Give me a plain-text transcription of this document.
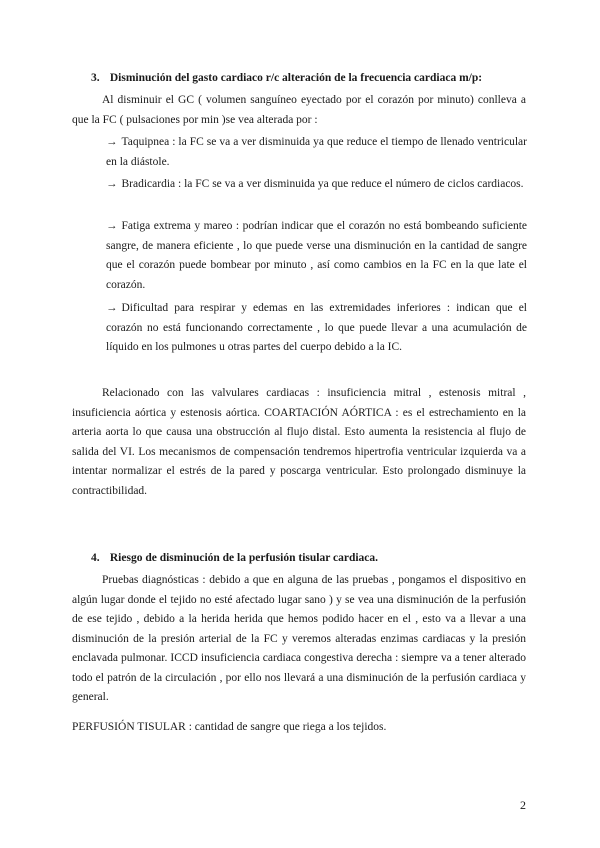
3. Disminución del gasto cardiaco r/c alteración de la frecuencia cardiaca m/p:
Al disminuir el GC ( volumen sanguíneo eyectado por el corazón por minuto) conlleva a que la FC ( pulsaciones por min )se vea alterada por :
→ Taquipnea : la FC se va a ver disminuida ya que reduce el tiempo de llenado ventricular en la diástole.
→ Bradicardia : la FC se va a ver disminuida ya que reduce el número de ciclos cardiacos.
→ Fatiga extrema y mareo : podrían indicar que el corazón no está bombeando suficiente sangre, de manera eficiente , lo que puede verse una disminución en la cantidad de sangre que el corazón puede bombear por minuto , así como cambios en la FC en la que late el corazón.
→ Dificultad para respirar y edemas en las extremidades inferiores : indican que el corazón no está funcionando correctamente , lo que puede llevar a una acumulación de líquido en los pulmones u otras partes del cuerpo debido a la IC.
Relacionado con las valvulares cardiacas : insuficiencia mitral , estenosis mitral , insuficiencia aórtica y estenosis aórtica. COARTACIÓN AÓRTICA : es el estrechamiento en la arteria aorta lo que causa una obstrucción al flujo distal. Esto aumenta la resistencia al flujo de salida del VI. Los mecanismos de compensación tendremos hipertrofia ventricular izquierda va a intentar normalizar el estrés de la pared y poscarga ventricular. Esto prolongado disminuye la contractibilidad.
4. Riesgo de disminución de la perfusión tisular cardiaca.
Pruebas diagnósticas : debido a que en alguna de las pruebas , pongamos el dispositivo en algún lugar donde el tejido no esté afectado lugar sano ) y se vea una disminución de la perfusión de ese tejido , debido a la herida herida que hemos podido hacer en el , esto va a llevar a una disminución de la presión arterial de la FC y veremos alteradas enzimas cardiacas y la presión enclavada pulmonar. ICCD insuficiencia cardiaca congestiva derecha : siempre va a tener alterado todo el patrón de la circulación , por ello nos llevará a una disminución de la perfusión cardiaca y general.
PERFUSIÓN TISULAR : cantidad de sangre que riega a los tejidos.
2
